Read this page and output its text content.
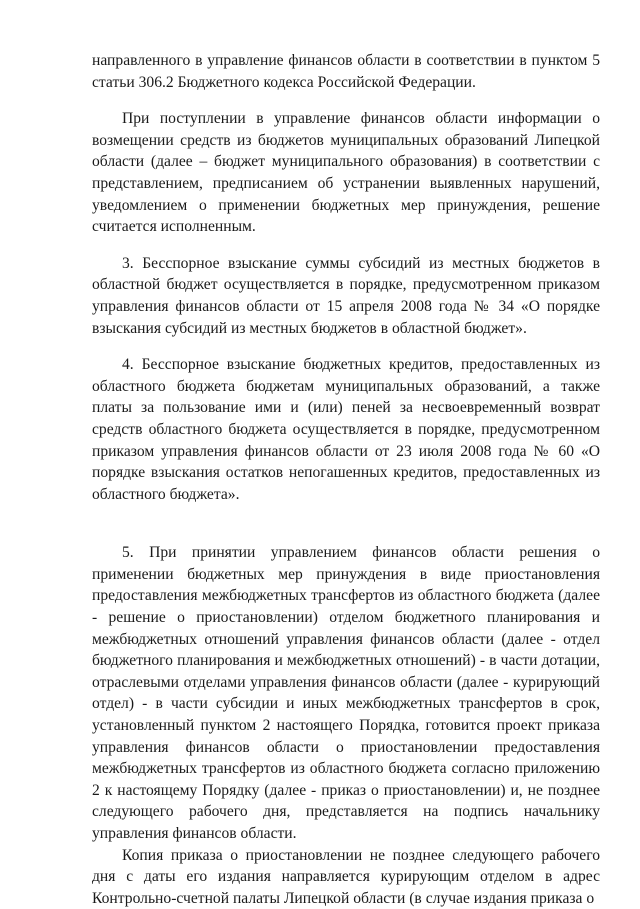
направленного в управление финансов области в соответствии в пунктом 5 статьи 306.2 Бюджетного кодекса Российской Федерации.

При поступлении в управление финансов области информации о возмещении средств из бюджетов муниципальных образований Липецкой области (далее – бюджет муниципального образования) в соответствии с представлением, предписанием об устранении выявленных нарушений, уведомлением о применении бюджетных мер принуждения, решение считается исполненным.

3. Бесспорное взыскание суммы субсидий из местных бюджетов в областной бюджет осуществляется в порядке, предусмотренном приказом управления финансов области от 15 апреля 2008 года № 34 «О порядке взыскания субсидий из местных бюджетов в областной бюджет».

4. Бесспорное взыскание бюджетных кредитов, предоставленных из областного бюджета бюджетам муниципальных образований, а также платы за пользование ими и (или) пеней за несвоевременный возврат средств областного бюджета осуществляется в порядке, предусмотренном приказом управления финансов области от 23 июля 2008 года № 60 «О порядке взыскания остатков непогашенных кредитов, предоставленных из областного бюджета».

5. При принятии управлением финансов области решения о применении бюджетных мер принуждения в виде приостановления предоставления межбюджетных трансфертов из областного бюджета (далее - решение о приостановлении) отделом бюджетного планирования и межбюджетных отношений управления финансов области (далее - отдел бюджетного планирования и межбюджетных отношений) - в части дотации, отраслевыми отделами управления финансов области (далее - курирующий отдел) - в части субсидии и иных межбюджетных трансфертов в срок, установленный пунктом 2 настоящего Порядка, готовится проект приказа управления финансов области о приостановлении предоставления межбюджетных трансфертов из областного бюджета согласно приложению 2 к настоящему Порядку (далее - приказ о приостановлении) и, не позднее следующего рабочего дня, представляется на подпись начальнику управления финансов области.

Копия приказа о приостановлении не позднее следующего рабочего дня с даты его издания направляется курирующим отделом в адрес Контрольно-счетной палаты Липецкой области (в случае издания приказа о
